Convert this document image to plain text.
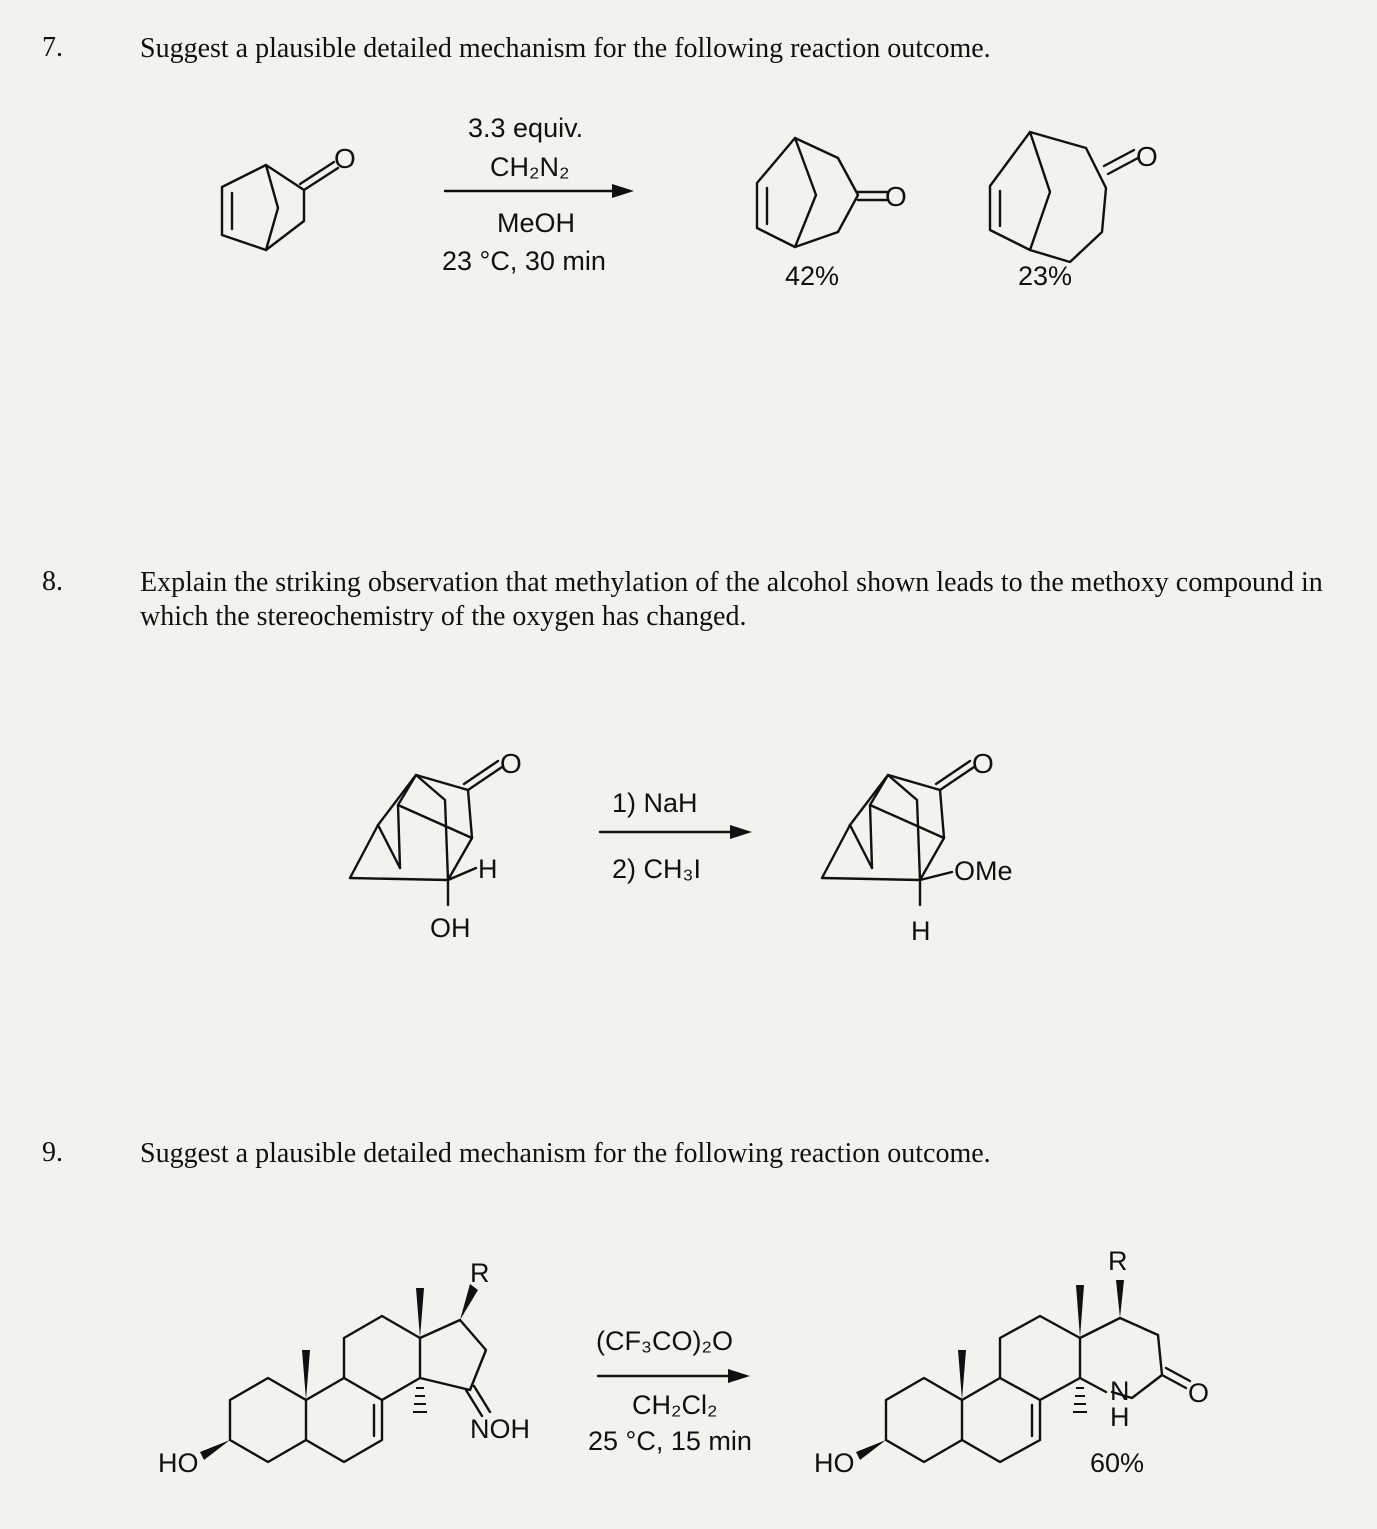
7.	Suggest a plausible detailed mechanism for the following reaction outcome.
O
3.3 equiv.
CH₂N₂
MeOH
23 °C, 30 min
O
42%
O
23%
O
H
OH
1) NaH
2) CH₃I
O
OMe
H
R
HO
NOH
(CF₃CO)₂O
CH₂Cl₂
25 °C, 15 min
R
N
H
O
HO	60%
8.	Explain the striking observation that methylation of the alcohol shown leads to the methoxy compound in which the stereochemistry of the oxygen has changed.
9.	Suggest a plausible detailed mechanism for the following reaction outcome.
